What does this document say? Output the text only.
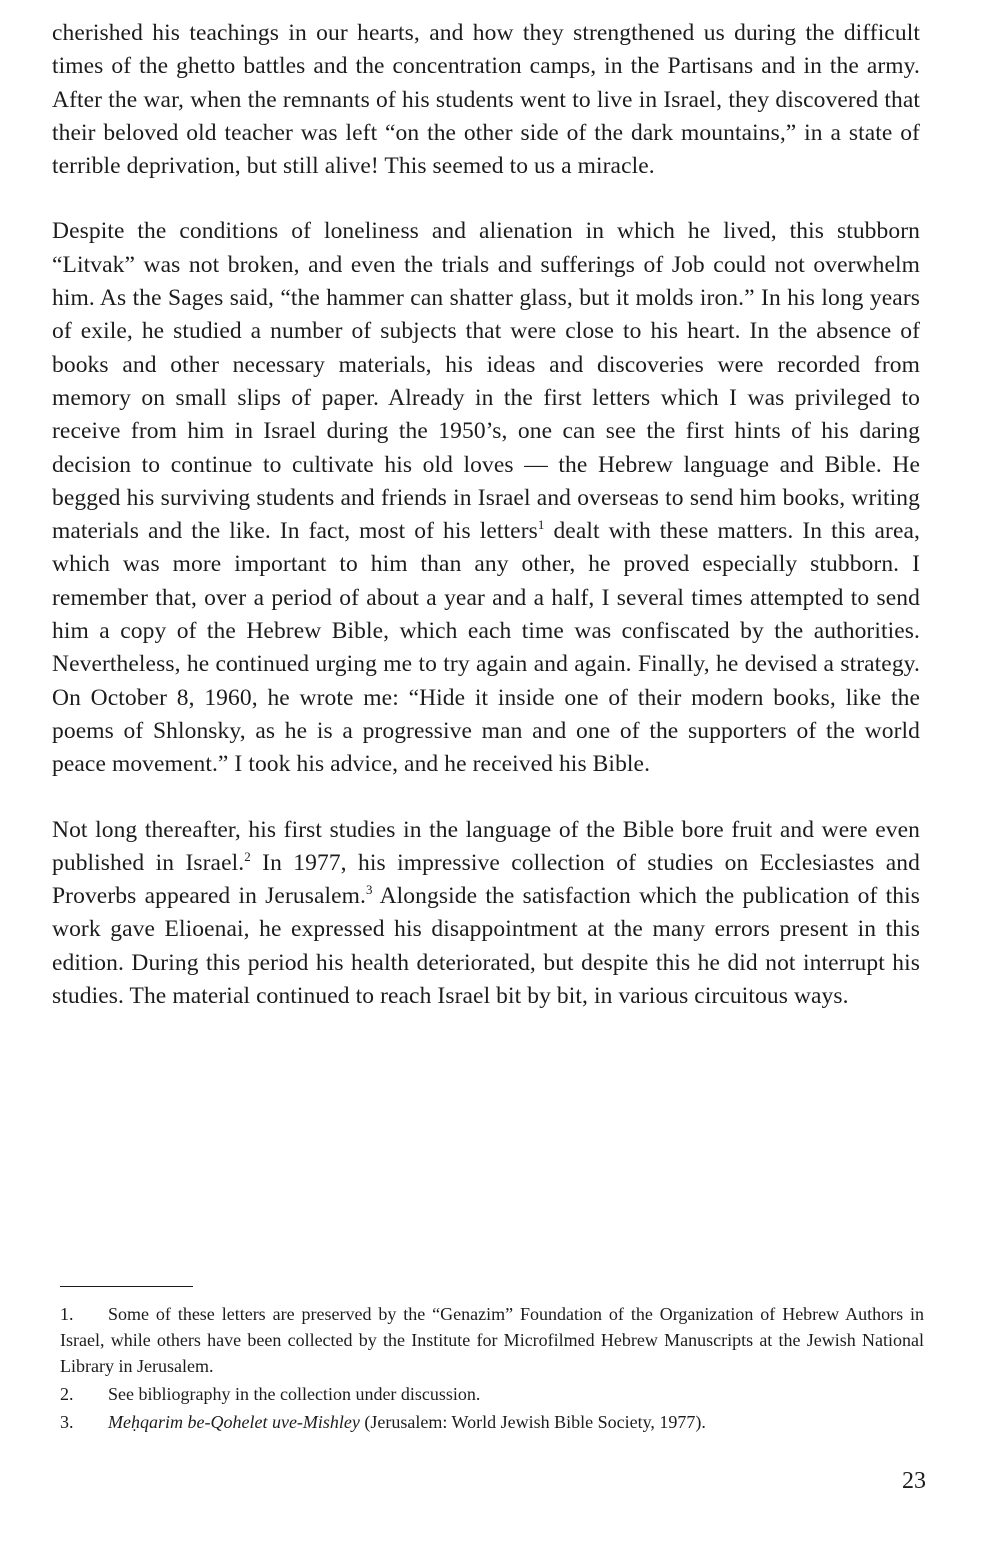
cherished his teachings in our hearts, and how they strengthened us during the difficult times of the ghetto battles and the concentration camps, in the Partisans and in the army. After the war, when the remnants of his students went to live in Israel, they discovered that their beloved old teacher was left “on the other side of the dark mountains,” in a state of terrible deprivation, but still alive! This seemed to us a miracle.

Despite the conditions of loneliness and alienation in which he lived, this stubborn “Litvak” was not broken, and even the trials and sufferings of Job could not overwhelm him. As the Sages said, “the hammer can shatter glass, but it molds iron.” In his long years of exile, he studied a number of subjects that were close to his heart. In the absence of books and other necessary materials, his ideas and discoveries were recorded from memory on small slips of paper. Already in the first letters which I was privileged to receive from him in Israel during the 1950’s, one can see the first hints of his daring decision to continue to cultivate his old loves — the Hebrew language and Bible. He begged his surviving students and friends in Israel and overseas to send him books, writing materials and the like. In fact, most of his letters$^1$ dealt with these matters. In this area, which was more important to him than any other, he proved especially stubborn. I remember that, over a period of about a year and a half, I several times attempted to send him a copy of the Hebrew Bible, which each time was confiscated by the authorities. Nevertheless, he continued urging me to try again and again. Finally, he devised a strategy. On October 8, 1960, he wrote me: “Hide it inside one of their modern books, like the poems of Shlonsky, as he is a progressive man and one of the supporters of the world peace movement.” I took his advice, and he received his Bible.

Not long thereafter, his first studies in the language of the Bible bore fruit and were even published in Israel.$^2$ In 1977, his impressive collection of studies on Ecclesiastes and Proverbs appeared in Jerusalem.$^3$ Alongside the satisfaction which the publication of this work gave Elioenai, he expressed his disappointment at the many errors present in this edition. During this period his health deteriorated, but despite this he did not interrupt his studies. The material continued to reach Israel bit by bit, in various circuitous ways.

1. Some of these letters are preserved by the “Genazim” Foundation of the Organization of Hebrew Authors in Israel, while others have been collected by the Institute for Microfilmed Hebrew Manuscripts at the Jewish National Library in Jerusalem.

2. See bibliography in the collection under discussion.

3. Meḥqarim be-Qohelet uve-Mishley (Jerusalem: World Jewish Bible Society, 1977).

23
